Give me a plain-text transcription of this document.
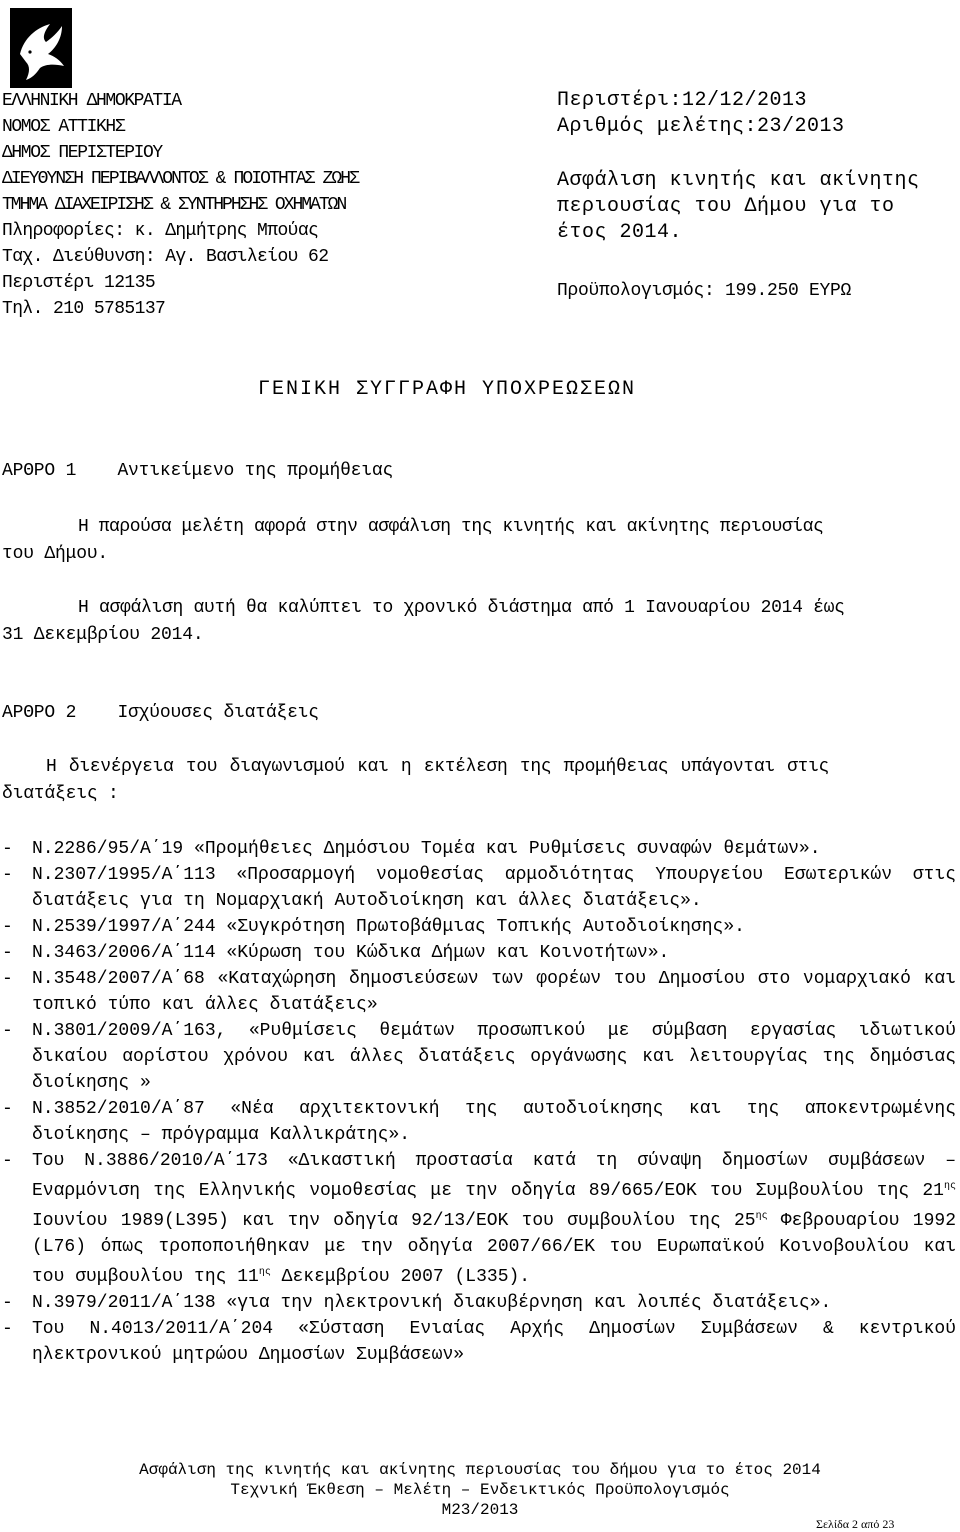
ΕΛΛΗΝΙΚΗ ΔΗΜΟΚΡΑΤΙΑ
ΝΟΜΟΣ ΑΤΤΙΚΗΣ
ΔΗΜΟΣ ΠΕΡΙΣΤΕΡΙΟΥ
ΔΙΕΥΘΥΝΣΗ ΠΕΡΙΒΑΛΛΟΝΤΟΣ & ΠΟΙΟΤΗΤΑΣ ΖΩΗΣ
ΤΜΗΜΑ ΔΙΑΧΕΙΡΙΣΗΣ & ΣΥΝΤΗΡΗΣΗΣ ΟΧΗΜΑΤΩΝ
Πληροφορίες: κ. Δημήτρης Μπούας
Ταχ. Διεύθυνση: Αγ. Βασιλείου 62
Περιστέρι 12135
Τηλ. 210 5785137
Περιστέρι:12/12/2013
Αριθμός μελέτης:23/2013
Ασφάλιση κινητής και ακίνητης
περιουσίας του Δήμου για το
έτος 2014.
Προϋπολογισμός: 199.250 ΕΥΡΩ
ΓΕΝΙΚΗ ΣΥΓΓΡΑΦΗ ΥΠΟΧΡΕΩΣΕΩΝ
ΑΡΘΡΟ 1 Αντικείμενο της προμήθειας
Η παρούσα μελέτη αφορά στην ασφάλιση της κινητής και ακίνητης περιουσίας
του Δήμου.
Η ασφάλιση αυτή θα καλύπτει το χρονικό διάστημα από 1 Ιανουαρίου 2014 έως
31 Δεκεμβρίου 2014.
ΑΡΘΡΟ 2 Ισχύουσες διατάξεις
Η διενέργεια του διαγωνισμού και η εκτέλεση της προμήθειας υπάγονται στις
διατάξεις :
- Ν.2286/95/Α΄19 «Προμήθειες Δημόσιου Τομέα και Ρυθμίσεις συναφών θεμάτων».
- Ν.2307/1995/Α΄113 «Προσαρμογή νομοθεσίας αρμοδιότητας Υπουργείου Εσωτερικών στις διατάξεις για τη Νομαρχιακή Αυτοδιοίκηση και άλλες διατάξεις».
- Ν.2539/1997/Α΄244 «Συγκρότηση Πρωτοβάθμιας Τοπικής Αυτοδιοίκησης».
- Ν.3463/2006/Α΄114 «Κύρωση του Κώδικα Δήμων και Κοινοτήτων».
- Ν.3548/2007/Α΄68 «Καταχώρηση δημοσιεύσεων των φορέων του Δημοσίου στο νομαρχιακό και τοπικό τύπο και άλλες διατάξεις»
- Ν.3801/2009/Α΄163, «Ρυθμίσεις θεμάτων προσωπικού με σύμβαση εργασίας ιδιωτικού δικαίου αορίστου χρόνου και άλλες διατάξεις οργάνωσης και λειτουργίας της δημόσιας διοίκησης »
- Ν.3852/2010/Α΄87 «Νέα αρχιτεκτονική της αυτοδιοίκησης και της αποκεντρωμένης διοίκησης – πρόγραμμα Καλλικράτης».
- Του Ν.3886/2010/Α΄173 «Δικαστική προστασία κατά τη σύναψη δημοσίων συμβάσεων – Εναρμόνιση της Ελληνικής νομοθεσίας με την οδηγία 89/665/ΕΟΚ του Συμβουλίου της $21^{\eta\varsigma}$ Ιουνίου 1989(L395) και την οδηγία 92/13/ΕΟΚ του συμβουλίου της $25^{\eta\varsigma}$ Φεβρουαρίου 1992 (L76) όπως τροποποιήθηκαν με την οδηγία 2007/66/ΕΚ του Ευρωπαϊκού Κοινοβουλίου και του συμβουλίου της $11^{\eta\varsigma}$ Δεκεμβρίου 2007 (L335).
- Ν.3979/2011/Α΄138 «για την ηλεκτρονική διακυβέρνηση και λοιπές διατάξεις».
- Του Ν.4013/2011/Α΄204 «Σύσταση Ενιαίας Αρχής Δημοσίων Συμβάσεων & κεντρικού ηλεκτρονικού μητρώου Δημοσίων Συμβάσεων»
Ασφάλιση της κινητής και ακίνητης περιουσίας του δήμου για το έτος 2014
Τεχνική Έκθεση – Μελέτη – Ενδεικτικός Προϋπολογισμός
Μ23/2013
Σελίδα 2 από 23
